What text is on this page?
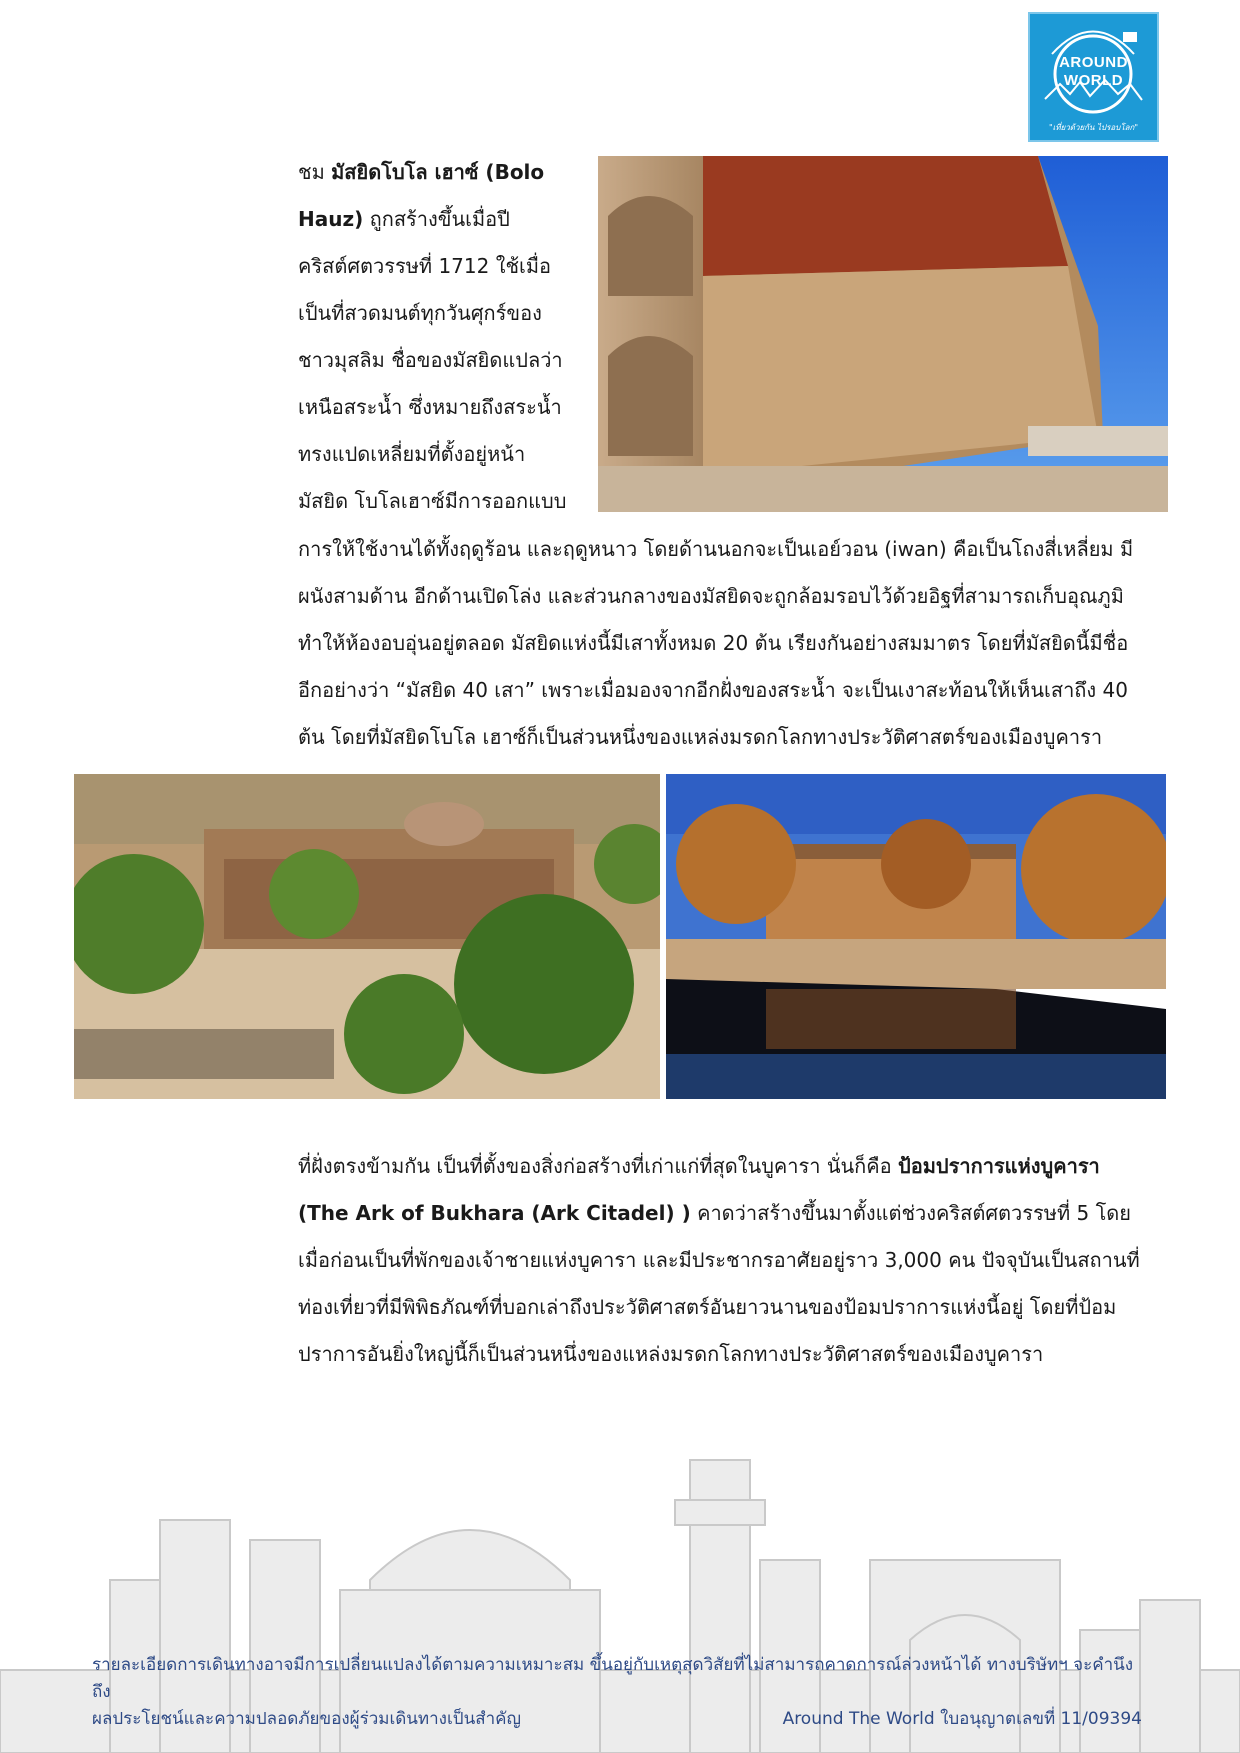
AROUND
WORLD
"เที่ยวด้วยกัน ไปรอบโลก"
ชม มัสยิดโบโล เฮาซ์ (Bolo
Hauz) ถูกสร้างขึ้นเมื่อปี
คริสต์ศตวรรษที่ 1712 ใช้เมื่อ
เป็นที่สวดมนต์ทุกวันศุกร์ของ
ชาวมุสลิม ชื่อของมัสยิดแปลว่า
เหนือสระน้ำ ซึ่งหมายถึงสระน้ำ
ทรงแปดเหลี่ยมที่ตั้งอยู่หน้า
มัสยิด โบโลเฮาซ์มีการออกแบบ
การให้ใช้งานได้ทั้งฤดูร้อน และฤดูหนาว โดยด้านนอกจะเป็นเอย์วอน (iwan) คือเป็นโถงสี่เหลี่ยม มี
ผนังสามด้าน อีกด้านเปิดโล่ง และส่วนกลางของมัสยิดจะถูกล้อมรอบไว้ด้วยอิฐที่สามารถเก็บอุณภูมิ
ทำให้ห้องอบอุ่นอยู่ตลอด มัสยิดแห่งนี้มีเสาทั้งหมด 20 ต้น เรียงกันอย่างสมมาตร โดยที่มัสยิดนี้มีชื่อ
อีกอย่างว่า “มัสยิด 40 เสา” เพราะเมื่อมองจากอีกฝั่งของสระน้ำ จะเป็นเงาสะท้อนให้เห็นเสาถึง 40
ต้น โดยที่มัสยิดโบโล เฮาซ์ก็เป็นส่วนหนึ่งของแหล่งมรดกโลกทางประวัติศาสตร์ของเมืองบูคารา
ที่ฝั่งตรงข้ามกัน เป็นที่ตั้งของสิ่งก่อสร้างที่เก่าแก่ที่สุดในบูคารา นั่นก็คือ ป้อมปราการแห่งบูคารา
(The Ark of Bukhara (Ark Citadel) ) คาดว่าสร้างขึ้นมาตั้งแต่ช่วงคริสต์ศตวรรษที่ 5 โดย
เมื่อก่อนเป็นที่พักของเจ้าชายแห่งบูคารา และมีประชากรอาศัยอยู่ราว 3,000 คน ปัจจุบันเป็นสถานที่
ท่องเที่ยวที่มีพิพิธภัณฑ์ที่บอกเล่าถึงประวัติศาสตร์อันยาวนานของป้อมปราการแห่งนี้อยู่ โดยที่ป้อม
ปราการอันยิ่งใหญ่นี้ก็เป็นส่วนหนึ่งของแหล่งมรดกโลกทางประวัติศาสตร์ของเมืองบูคารา
รายละเอียดการเดินทางอาจมีการเปลี่ยนแปลงได้ตามความเหมาะสม ขึ้นอยู่กับเหตุสุดวิสัยที่ไม่สามารถคาดการณ์ล่วงหน้าได้ ทางบริษัทฯ จะคำนึงถึง
ผลประโยชน์และความปลอดภัยของผู้ร่วมเดินทางเป็นสำคัญ	Around The World ใบอนุญาตเลขที่ 11/09394
